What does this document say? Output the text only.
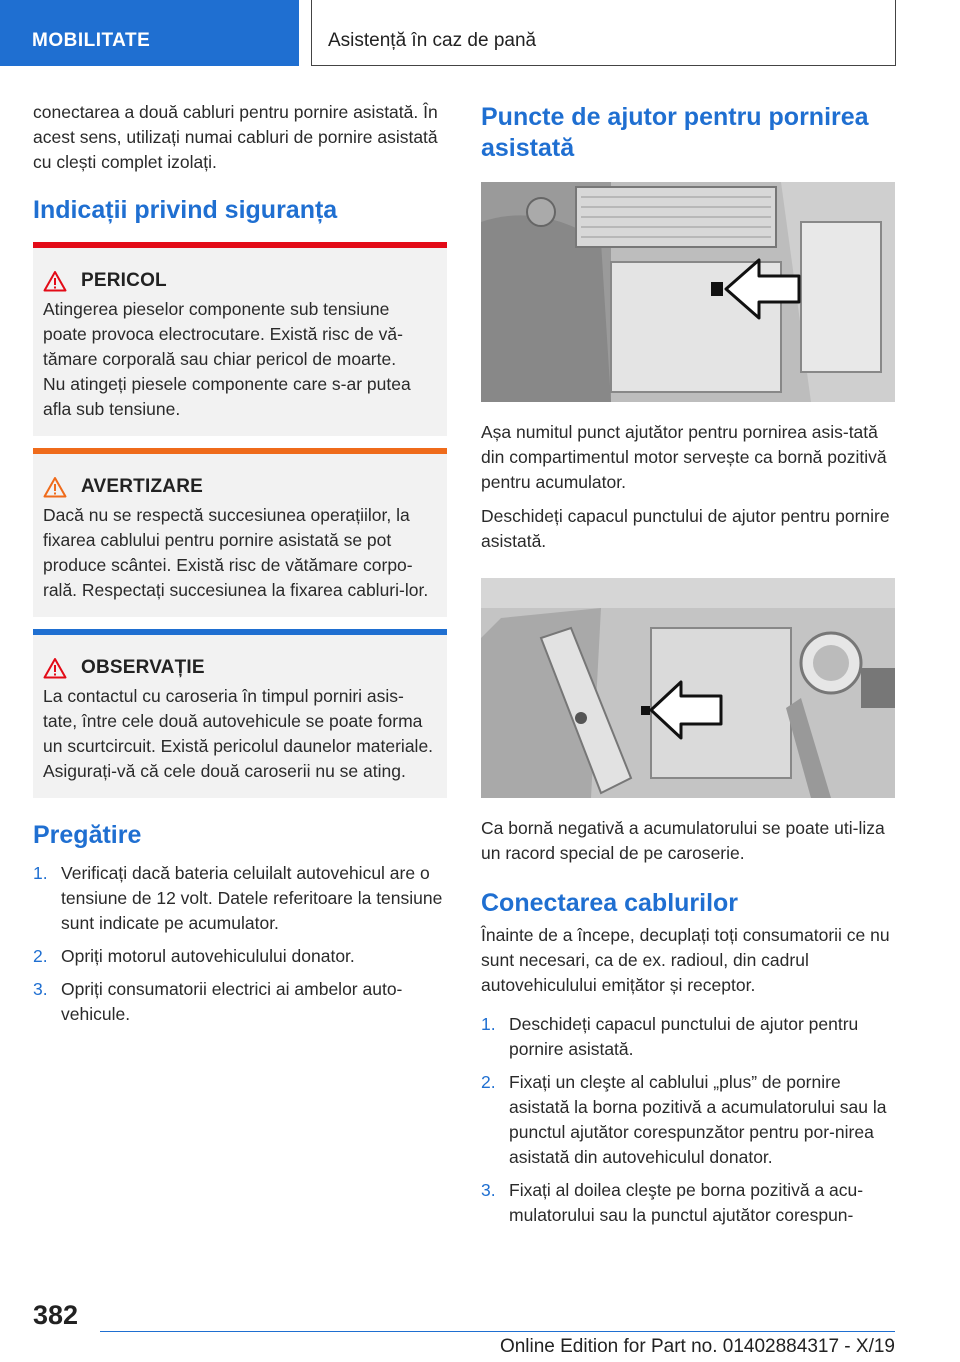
MOBILITATE	Asistență în caz de pană

conectarea a două cabluri pentru pornire asistată. În acest sens, utilizați numai cabluri de pornire asistată cu clești complet izolați.

Indicații privind siguranța
PERICOL

Atingerea pieselor componente sub tensiune poate provoca electrocutare. Există risc de vă-tămare corporală sau chiar pericol de moarte.

Nu atingeți piesele componente care s-ar putea afla sub tensiune.

AVERTIZARE

Dacă nu se respectă succesiunea operațiilor, la fixarea cablului pentru pornire asistată se pot produce scântei. Există risc de vătămare corpo-rală. Respectați succesiunea la fixarea cabluri-lor.

OBSERVAȚIE

La contactul cu caroseria în timpul porniri asis-tate, între cele două autovehicule se poate forma un scurtcircuit. Există pericolul daunelor materiale. Asigurați-vă că cele două caroserii nu se ating.

Pregătire
1. Verificați dacă bateria celuilalt autovehicul are o tensiune de 12 volt. Datele referitoare la tensiune sunt indicate pe acumulator.
2. Opriți motorul autovehiculului donator.
3. Opriți consumatorii electrici ai ambelor auto-vehicule.
Puncte de ajutor pentru pornirea asistată

Așa numitul punct ajutător pentru pornirea asis-tată din compartimentul motor servește ca bornă pozitivă pentru acumulator.

Deschideți capacul punctului de ajutor pentru pornire asistată.

Ca bornă negativă a acumulatorului se poate uti-liza un racord special de pe caroserie.

Conectarea cablurilor

Înainte de a începe, decuplați toți consumatorii ce nu sunt necesari, ca de ex. radioul, din cadrul autovehiculului emițător și receptor.

1. Deschideți capacul punctului de ajutor pentru pornire asistată.
2. Fixați un cleşte al cablului „plus” de pornire asistată la borna pozitivă a acumulatorului sau la punctul ajutător corespunzător pentru por-nirea asistată din autovehiculul donator.
3. Fixați al doilea cleşte pe borna pozitivă a acu-mulatorului sau la punctul ajutător corespun-
382
Online Edition for Part no. 01402884317 - X/19
